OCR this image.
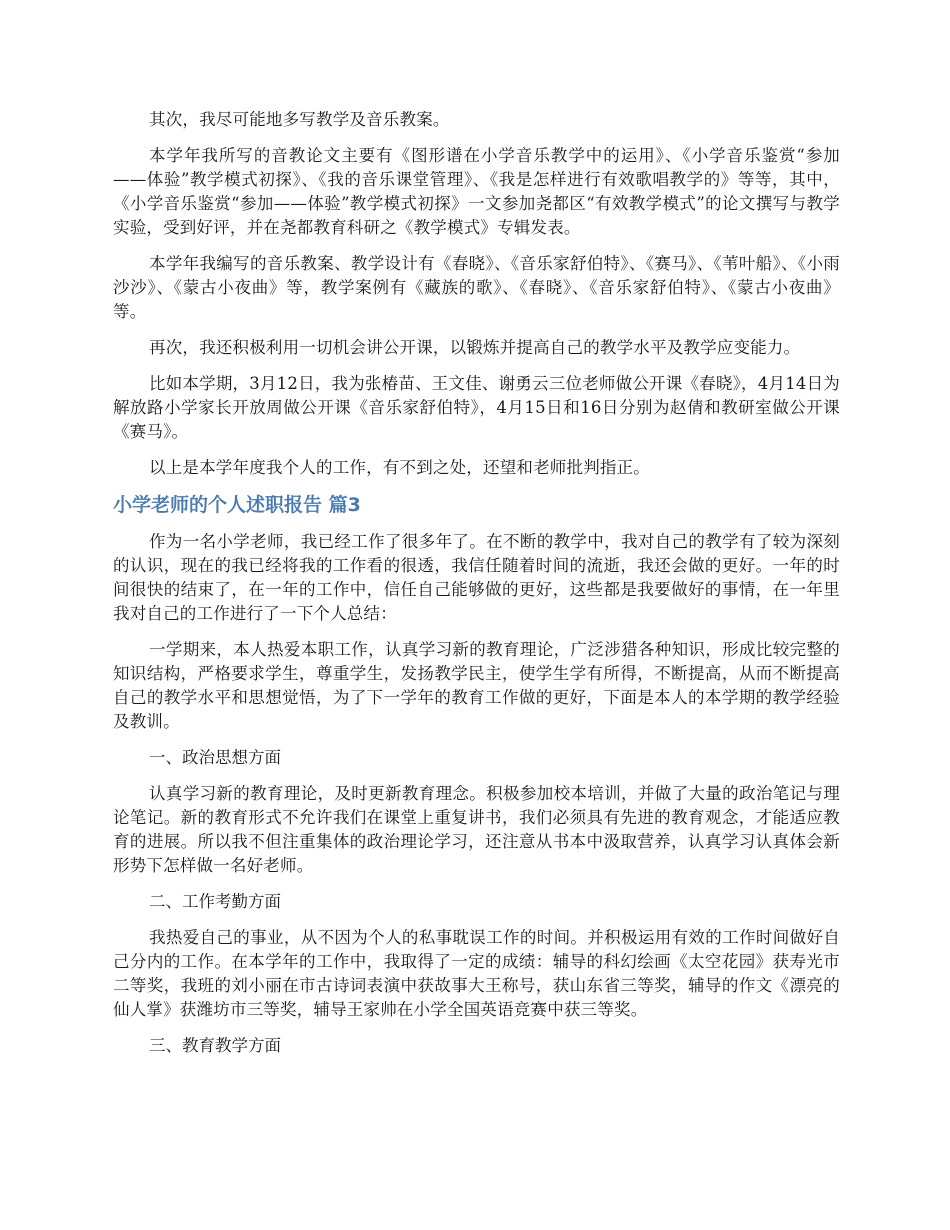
其次，我尽可能地多写教学及音乐教案。

本学年我所写的音教论文主要有《图形谱在小学音乐教学中的运用》、《小学音乐鉴赏“参加——体验”教学模式初探》、《我的音乐课堂管理》、《我是怎样进行有效歌唱教学的》等等，其中，《小学音乐鉴赏“参加——体验”教学模式初探》一文参加尧都区“有效教学模式”的论文撰写与教学实验，受到好评，并在尧都教育科研之《教学模式》专辑发表。

本学年我编写的音乐教案、教学设计有《春晓》、《音乐家舒伯特》、《赛马》、《苇叶船》、《小雨沙沙》、《蒙古小夜曲》等，教学案例有《藏族的歌》、《春晓》、《音乐家舒伯特》、《蒙古小夜曲》等。

再次，我还积极利用一切机会讲公开课，以锻炼并提高自己的教学水平及教学应变能力。

比如本学期，3月12日，我为张椿苗、王文佳、谢勇云三位老师做公开课《春晓》，4月14日为解放路小学家长开放周做公开课《音乐家舒伯特》，4月15日和16日分别为赵倩和教研室做公开课《赛马》。

以上是本学年度我个人的工作，有不到之处，还望和老师批判指正。

小学老师的个人述职报告 篇3

作为一名小学老师，我已经工作了很多年了。在不断的教学中，我对自己的教学有了较为深刻的认识，现在的我已经将我的工作看的很透，我信任随着时间的流逝，我还会做的更好。一年的时间很快的结束了，在一年的工作中，信任自己能够做的更好，这些都是我要做好的事情，在一年里我对自己的工作进行了一下个人总结：

一学期来，本人热爱本职工作，认真学习新的教育理论，广泛涉猎各种知识，形成比较完整的知识结构，严格要求学生，尊重学生，发扬教学民主，使学生学有所得，不断提高，从而不断提高自己的教学水平和思想觉悟，为了下一学年的教育工作做的更好，下面是本人的本学期的教学经验及教训。

一、政治思想方面

认真学习新的教育理论，及时更新教育理念。积极参加校本培训，并做了大量的政治笔记与理论笔记。新的教育形式不允许我们在课堂上重复讲书，我们必须具有先进的教育观念，才能适应教育的进展。所以我不但注重集体的政治理论学习，还注意从书本中汲取营养，认真学习认真体会新形势下怎样做一名好老师。

二、工作考勤方面

我热爱自己的事业，从不因为个人的私事耽误工作的时间。并积极运用有效的工作时间做好自己分内的工作。在本学年的工作中，我取得了一定的成绩：辅导的科幻绘画《太空花园》获寿光市二等奖，我班的刘小丽在市古诗词表演中获故事大王称号，获山东省三等奖，辅导的作文《漂亮的仙人掌》获潍坊市三等奖，辅导王家帅在小学全国英语竞赛中获三等奖。

三、教育教学方面
